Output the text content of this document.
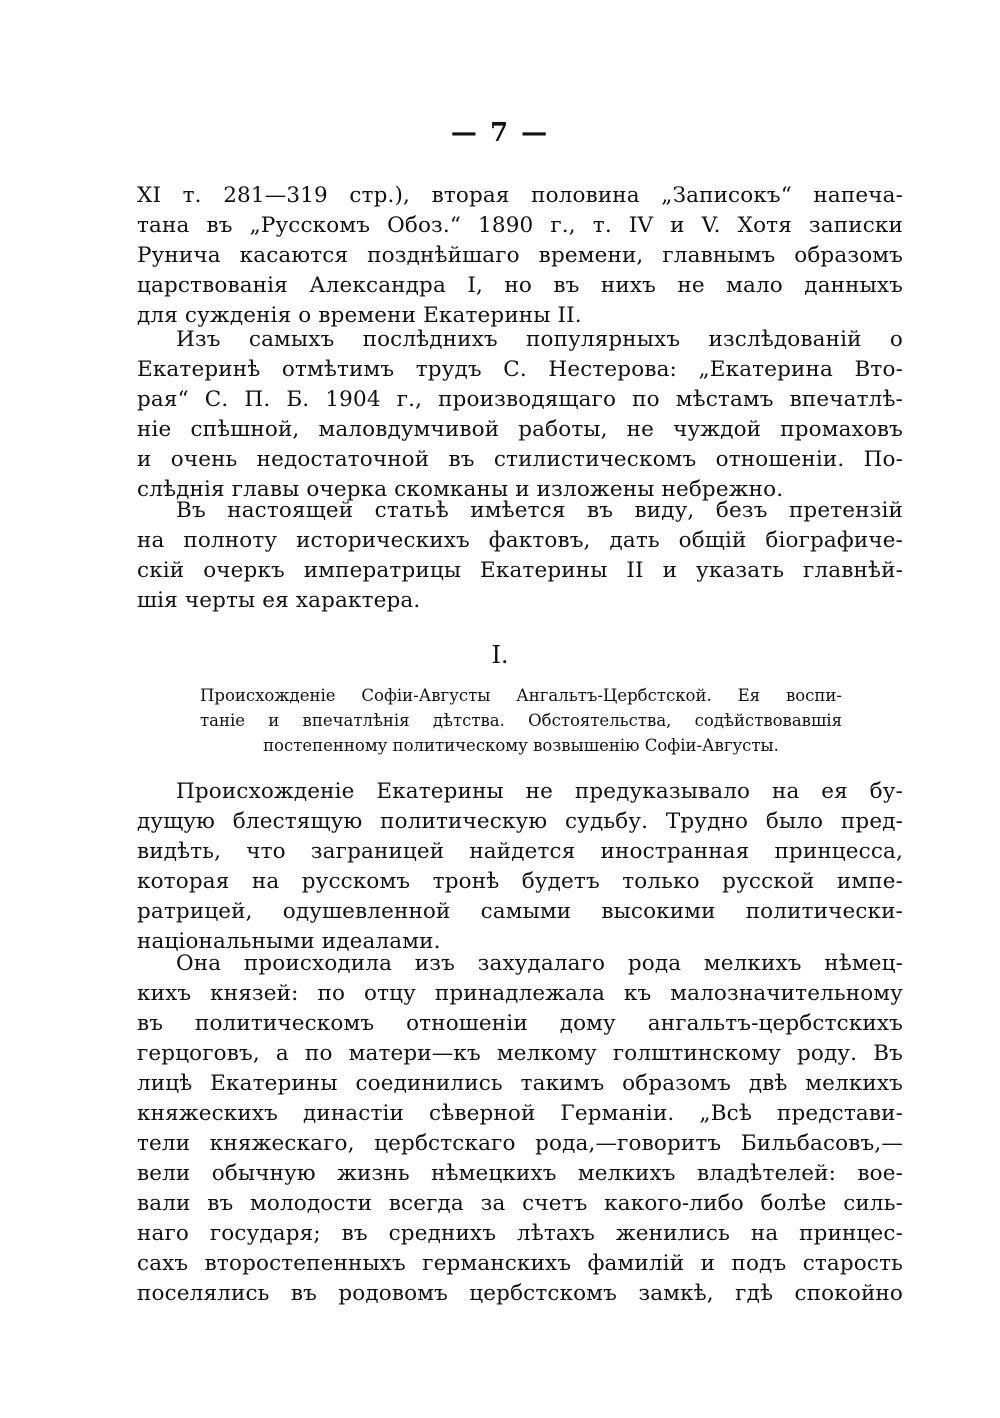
— 7 —
XI т. 281—319 стр.), вторая половина „Записокъ“ напеча-
тана въ „Русскомъ Обоз.“ 1890 г., т. IV и V. Хотя записки
Рунича касаются позднѣйшаго времени, главнымъ образомъ
царствованія Александра I, но въ нихъ не мало данныхъ
для сужденія о времени Екатерины II.
Изъ самыхъ послѣднихъ популярныхъ изслѣдованій о
Екатеринѣ отмѣтимъ трудъ С. Нестерова: „Екатерина Вто-
рая“ С. П. Б. 1904 г., производящаго по мѣстамъ впечатлѣ-
ніе спѣшной, маловдумчивой работы, не чуждой промаховъ
и очень недостаточной въ стилистическомъ отношеніи. По-
слѣднія главы очерка скомканы и изложены небрежно.
Въ настоящей статьѣ имѣется въ виду, безъ претензій
на полноту историческихъ фактовъ, дать общій біографиче-
скій очеркъ императрицы Екатерины II и указать главнѣй-
шія черты ея характера.
I.
Происхожденіе Софіи-Августы Ангальтъ-Цербстской. Ея воспи-
таніе и впечатлѣнія дѣтства. Обстоятельства, содѣйствовавшія
постепенному политическому возвышенію Софіи-Августы.
Происхожденіе Екатерины не предуказывало на ея бу-
дущую блестящую политическую судьбу. Трудно было пред-
видѣть, что заграницей найдется иностранная принцесса,
которая на русскомъ тронѣ будетъ только русской импе-
ратрицей, одушевленной самыми высокими политически-
національными идеалами.
Она происходила изъ захудалаго рода мелкихъ нѣмец-
кихъ князей: по отцу принадлежала къ малозначительному
въ политическомъ отношеніи дому ангальтъ-цербстскихъ
герцоговъ, а по матери—къ мелкому голштинскому роду. Въ
лицѣ Екатерины соединились такимъ образомъ двѣ мелкихъ
княжескихъ династіи сѣверной Германіи. „Всѣ представи-
тели княжескаго, цербстскаго рода,—говоритъ Бильбасовъ,—
вели обычную жизнь нѣмецкихъ мелкихъ владѣтелей: вое-
вали въ молодости всегда за счетъ какого-либо болѣе силь-
наго государя; въ среднихъ лѣтахъ женились на принцес-
сахъ второстепенныхъ германскихъ фамилій и подъ старость
поселялись въ родовомъ цербстскомъ замкѣ, гдѣ спокойно
